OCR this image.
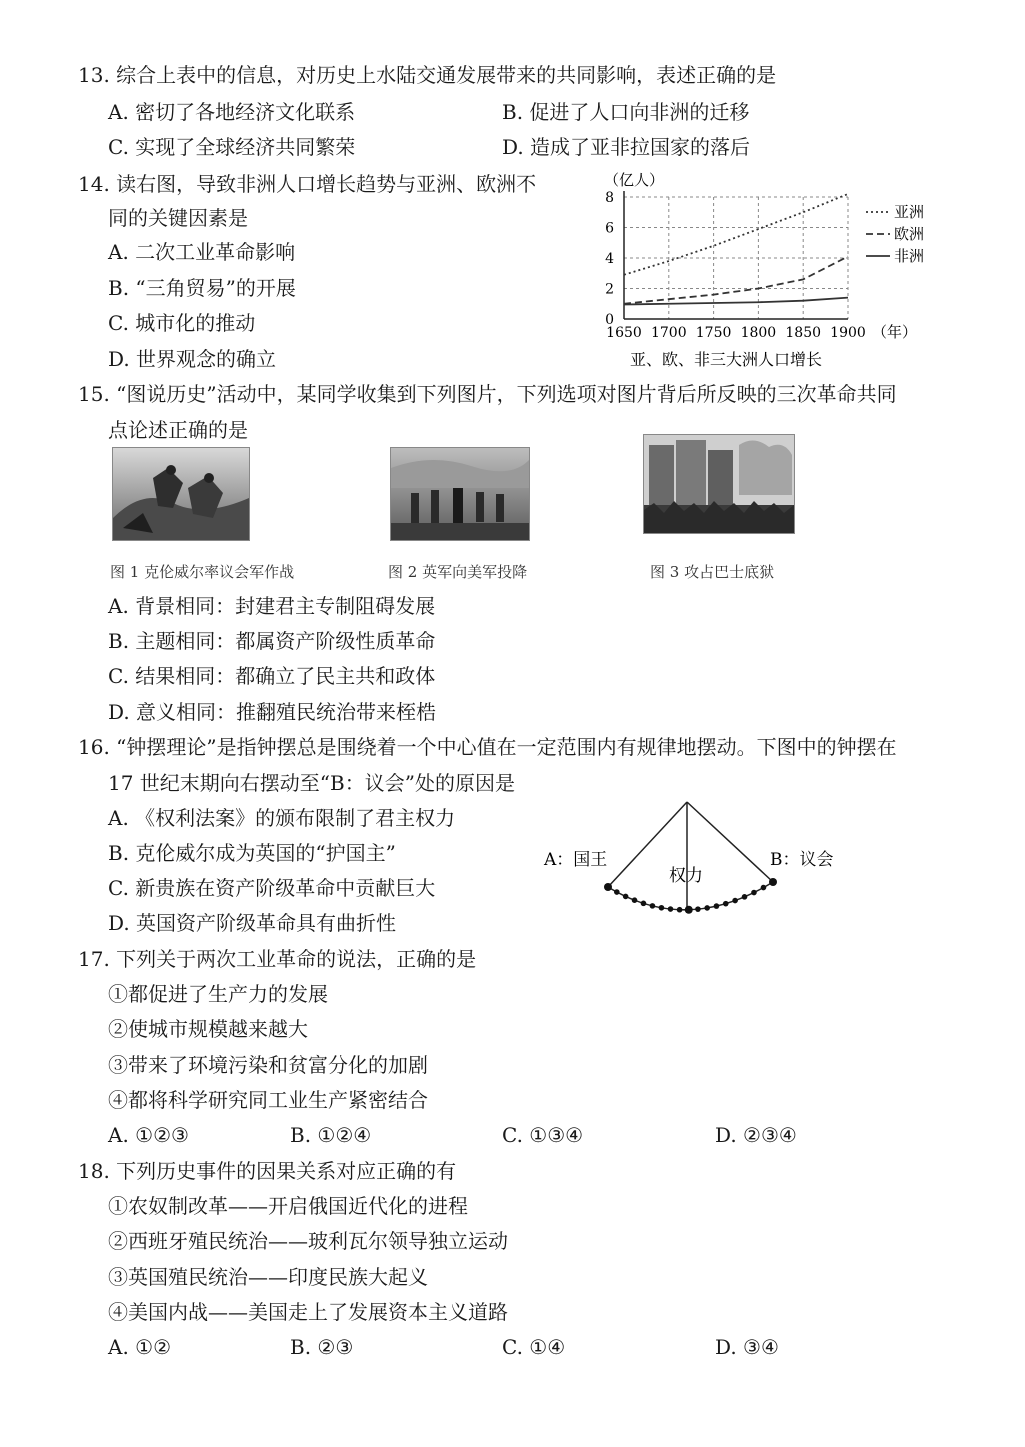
13. 综合上表中的信息，对历史上水陆交通发展带来的共同影响，表述正确的是
A. 密切了各地经济文化联系	B. 促进了人口向非洲的迁移
C. 实现了全球经济共同繁荣	D. 造成了亚非拉国家的落后
14. 读右图，导致非洲人口增长趋势与亚洲、欧洲不
同的关键因素是
A. 二次工业革命影响
B. “三角贸易”的开展
C. 城市化的推动
D. 世界观念的确立
0
2
4
6
8
1650 1700 1750 1800 1850 1900
亚洲
欧洲
非洲
（亿人）
（年）
亚、欧、非三大洲人口增长
15. “图说历史”活动中，某同学收集到下列图片，下列选项对图片背后所反映的三次革命共同
点论述正确的是
图 1 克伦威尔率议会军作战	图 2 英军向美军投降	图 3 攻占巴士底狱
A. 背景相同：封建君主专制阻碍发展
B. 主题相同：都属资产阶级性质革命
C. 结果相同：都确立了民主共和政体
D. 意义相同：推翻殖民统治带来桎梏
16. “钟摆理论”是指钟摆总是围绕着一个中心值在一定范围内有规律地摆动。下图中的钟摆在
17 世纪末期向右摆动至“B：议会”处的原因是
A. 《权利法案》的颁布限制了君主权力
B. 克伦威尔成为英国的“护国主”
C. 新贵族在资产阶级革命中贡献巨大
D. 英国资产阶级革命具有曲折性
A：国王
权力
B：议会
17. 下列关于两次工业革命的说法，正确的是
①都促进了生产力的发展
②使城市规模越来越大
③带来了环境污染和贫富分化的加剧
④都将科学研究同工业生产紧密结合
A. ①②③	B. ①②④	C. ①③④	D. ②③④
18. 下列历史事件的因果关系对应正确的有
①农奴制改革——开启俄国近代化的进程
②西班牙殖民统治——玻利瓦尔领导独立运动
③英国殖民统治——印度民族大起义
④美国内战——美国走上了发展资本主义道路
A. ①②	B. ②③	C. ①④	D. ③④
